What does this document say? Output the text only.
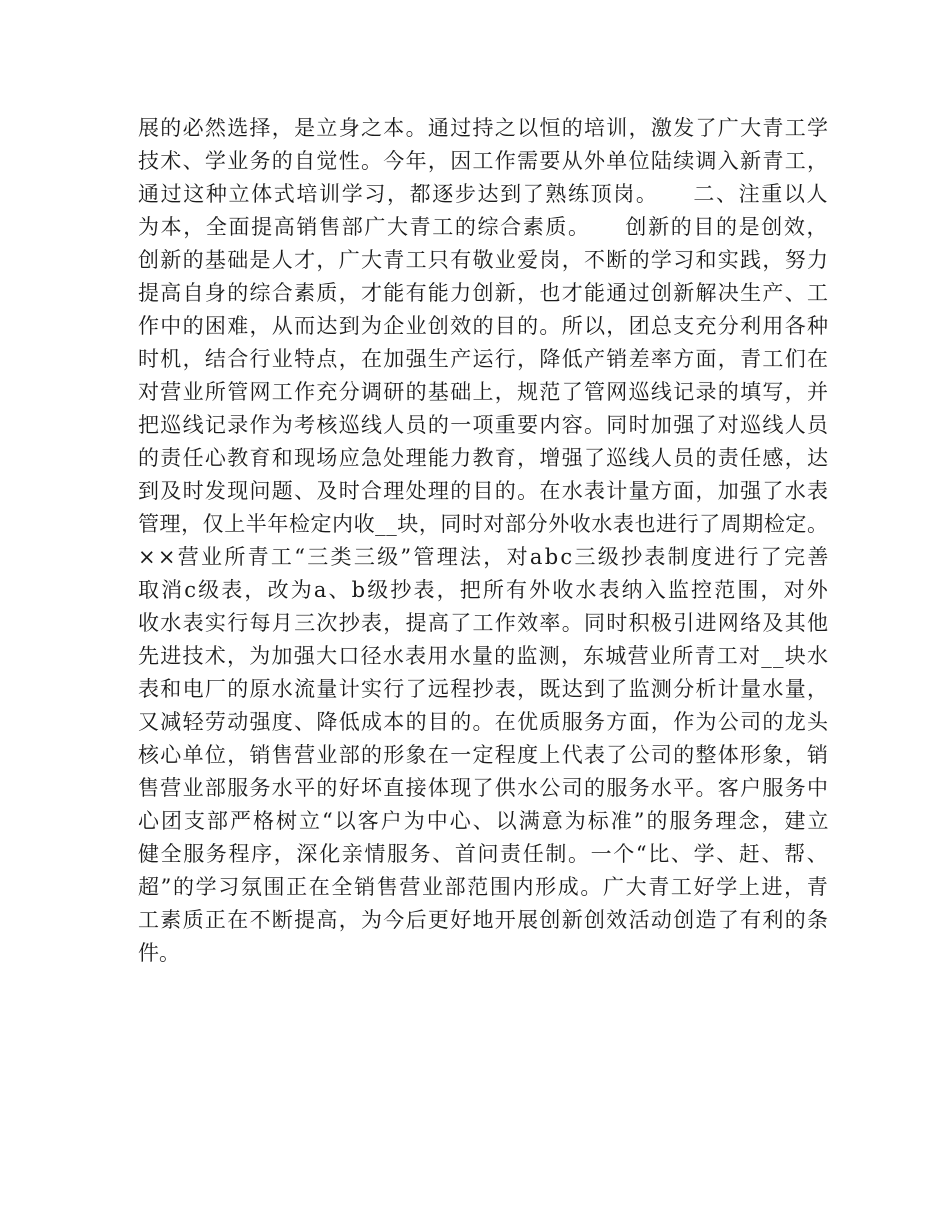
展的必然选择，是立身之本。通过持之以恒的培训，激发了广大青工学
技术、学业务的自觉性。今年，因工作需要从外单位陆续调入新青工，
通过这种立体式培训学习，都逐步达到了熟练顶岗。　　二、注重以人
为本，全面提高销售部广大青工的综合素质。　　创新的目的是创效，
创新的基础是人才，广大青工只有敬业爱岗，不断的学习和实践，努力
提高自身的综合素质，才能有能力创新，也才能通过创新解决生产、工
作中的困难，从而达到为企业创效的目的。所以，团总支充分利用各种
时机，结合行业特点，在加强生产运行，降低产销差率方面，青工们在
对营业所管网工作充分调研的基础上，规范了管网巡线记录的填写，并
把巡线记录作为考核巡线人员的一项重要内容。同时加强了对巡线人员
的责任心教育和现场应急处理能力教育，增强了巡线人员的责任感，达
到及时发现问题、及时合理处理的目的。在水表计量方面，加强了水表
管理，仅上半年检定内收__块，同时对部分外收水表也进行了周期检定。
××营业所青工“三类三级”管理法，对abc三级抄表制度进行了完善
取消c级表，改为a、b级抄表，把所有外收水表纳入监控范围，对外
收水表实行每月三次抄表，提高了工作效率。同时积极引进网络及其他
先进技术，为加强大口径水表用水量的监测，东城营业所青工对__块水
表和电厂的原水流量计实行了远程抄表，既达到了监测分析计量水量，
又减轻劳动强度、降低成本的目的。在优质服务方面，作为公司的龙头
核心单位，销售营业部的形象在一定程度上代表了公司的整体形象，销
售营业部服务水平的好坏直接体现了供水公司的服务水平。客户服务中
心团支部严格树立“以客户为中心、以满意为标准”的服务理念，建立
健全服务程序，深化亲情服务、首问责任制。一个“比、学、赶、帮、
超”的学习氛围正在全销售营业部范围内形成。广大青工好学上进，青
工素质正在不断提高，为今后更好地开展创新创效活动创造了有利的条
件。
